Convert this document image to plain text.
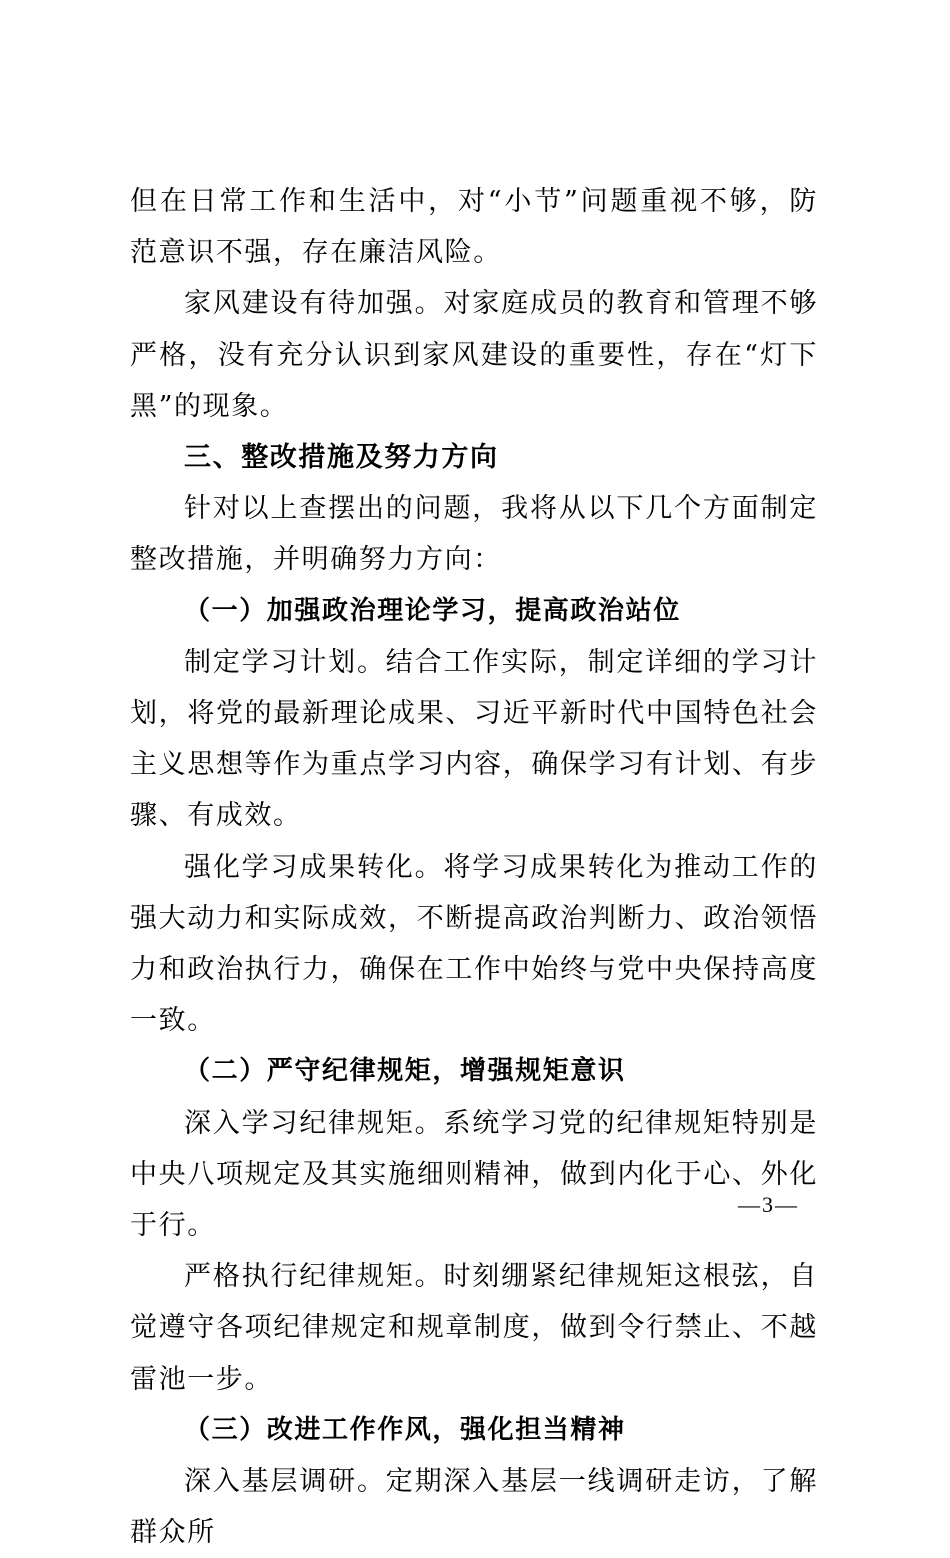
但在日常工作和生活中，对“小节”问题重视不够，防范意识不强，存在廉洁风险。

家风建设有待加强。对家庭成员的教育和管理不够严格，没有充分认识到家风建设的重要性，存在“灯下黑”的现象。

三、整改措施及努力方向

针对以上查摆出的问题，我将从以下几个方面制定整改措施，并明确努力方向：

（一）加强政治理论学习，提高政治站位

制定学习计划。结合工作实际，制定详细的学习计划，将党的最新理论成果、习近平新时代中国特色社会主义思想等作为重点学习内容，确保学习有计划、有步骤、有成效。

强化学习成果转化。将学习成果转化为推动工作的强大动力和实际成效，不断提高政治判断力、政治领悟力和政治执行力，确保在工作中始终与党中央保持高度一致。

（二）严守纪律规矩，增强规矩意识

深入学习纪律规矩。系统学习党的纪律规矩特别是中央八项规定及其实施细则精神，做到内化于心、外化于行。

严格执行纪律规矩。时刻绷紧纪律规矩这根弦，自觉遵守各项纪律规定和规章制度，做到令行禁止、不越雷池一步。

（三）改进工作作风，强化担当精神

深入基层调研。定期深入基层一线调研走访，了解群众所

—3—
